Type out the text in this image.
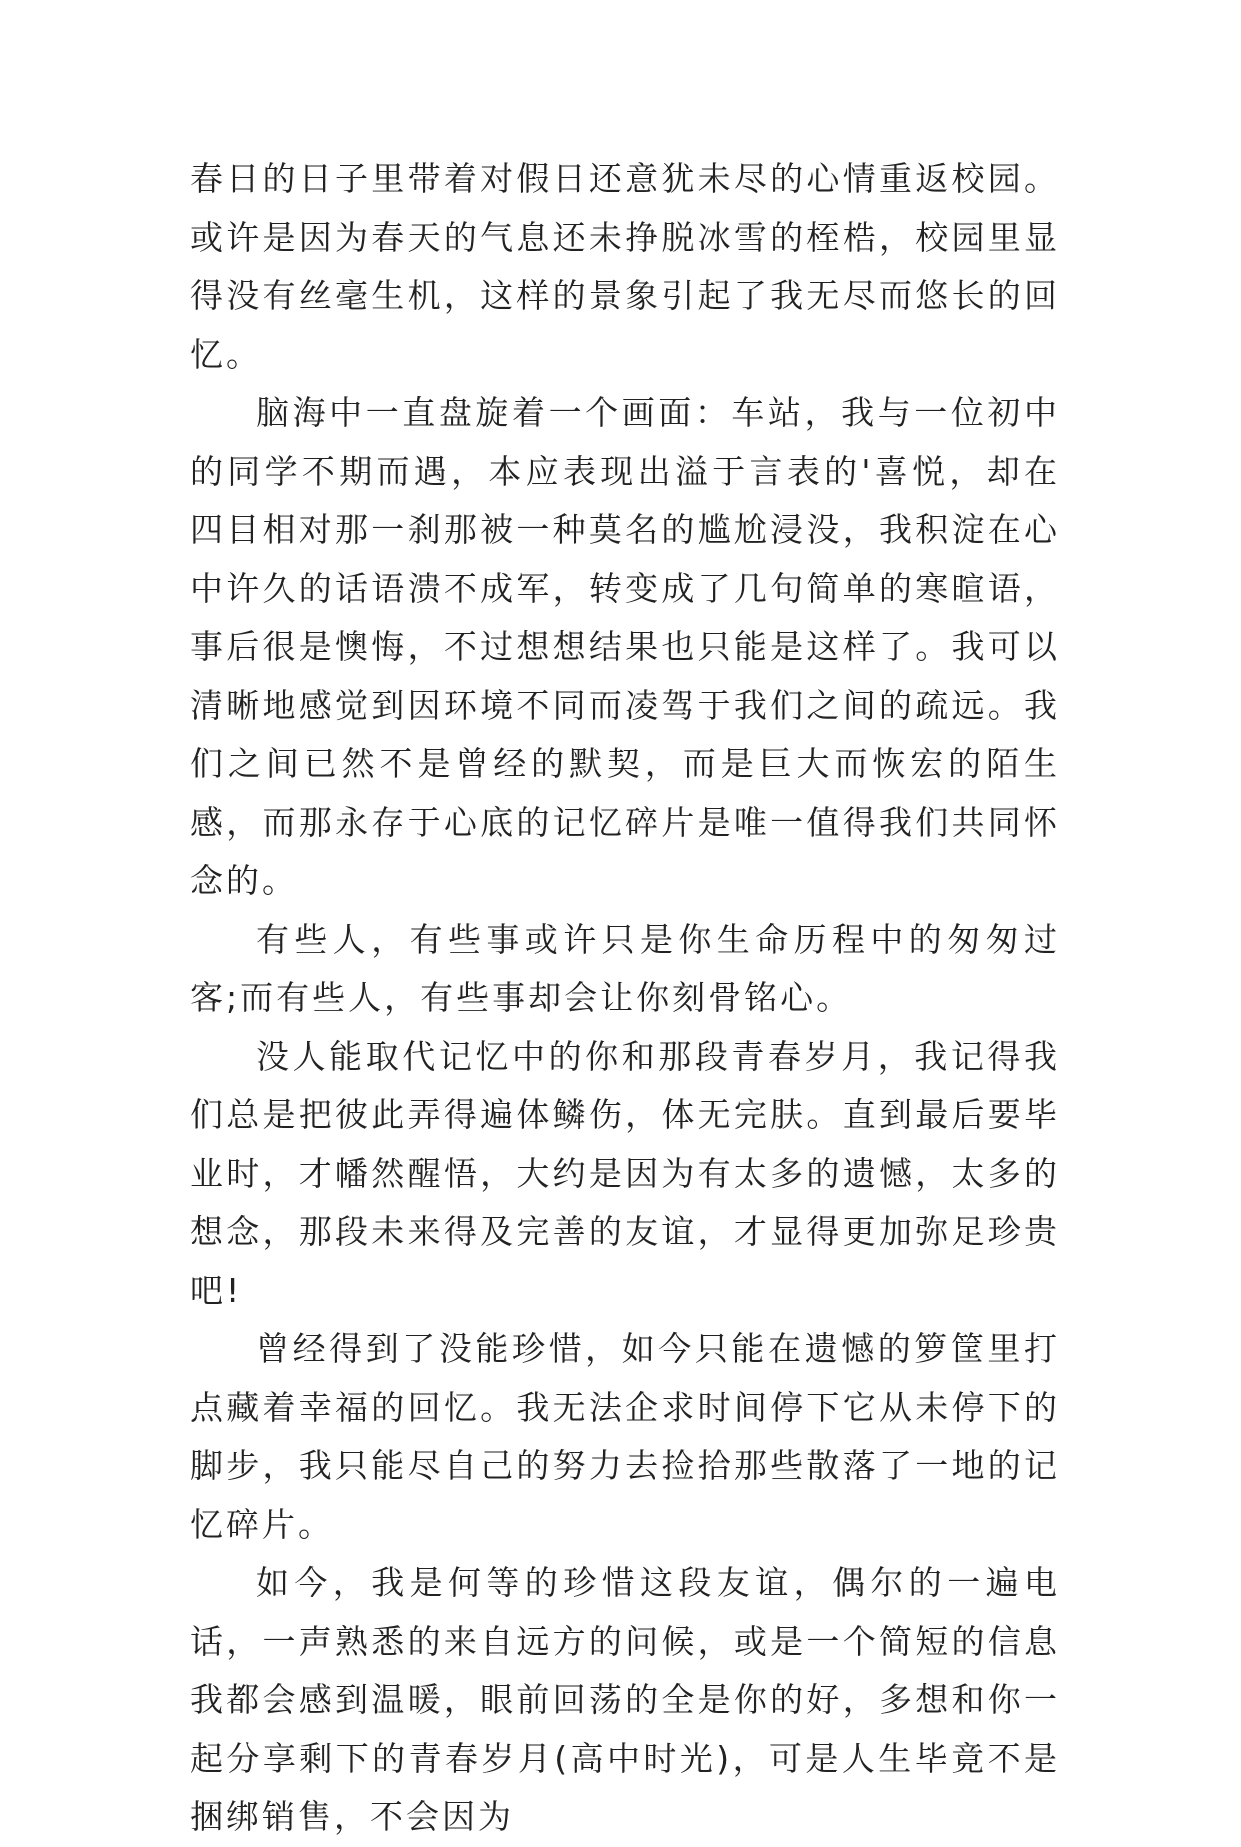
春日的日子里带着对假日还意犹未尽的心情重返校园。或许是因为春天的气息还未挣脱冰雪的桎梏，校园里显得没有丝毫生机，这样的景象引起了我无尽而悠长的回忆。

脑海中一直盘旋着一个画面：车站，我与一位初中的同学不期而遇，本应表现出溢于言表的'喜悦，却在四目相对那一刹那被一种莫名的尴尬浸没，我积淀在心中许久的话语溃不成军，转变成了几句简单的寒暄语，事后很是懊悔，不过想想结果也只能是这样了。我可以清晰地感觉到因环境不同而凌驾于我们之间的疏远。我们之间已然不是曾经的默契，而是巨大而恢宏的陌生感，而那永存于心底的记忆碎片是唯一值得我们共同怀念的。

有些人，有些事或许只是你生命历程中的匆匆过客;而有些人，有些事却会让你刻骨铭心。

没人能取代记忆中的你和那段青春岁月，我记得我们总是把彼此弄得遍体鳞伤，体无完肤。直到最后要毕业时，才幡然醒悟，大约是因为有太多的遗憾，太多的想念，那段未来得及完善的友谊，才显得更加弥足珍贵吧!

曾经得到了没能珍惜，如今只能在遗憾的箩筐里打点藏着幸福的回忆。我无法企求时间停下它从未停下的脚步，我只能尽自己的努力去捡拾那些散落了一地的记忆碎片。

如今，我是何等的珍惜这段友谊，偶尔的一遍电话，一声熟悉的来自远方的问候，或是一个简短的信息我都会感到温暖，眼前回荡的全是你的好，多想和你一起分享剩下的青春岁月(高中时光)，可是人生毕竟不是捆绑销售，不会因为
